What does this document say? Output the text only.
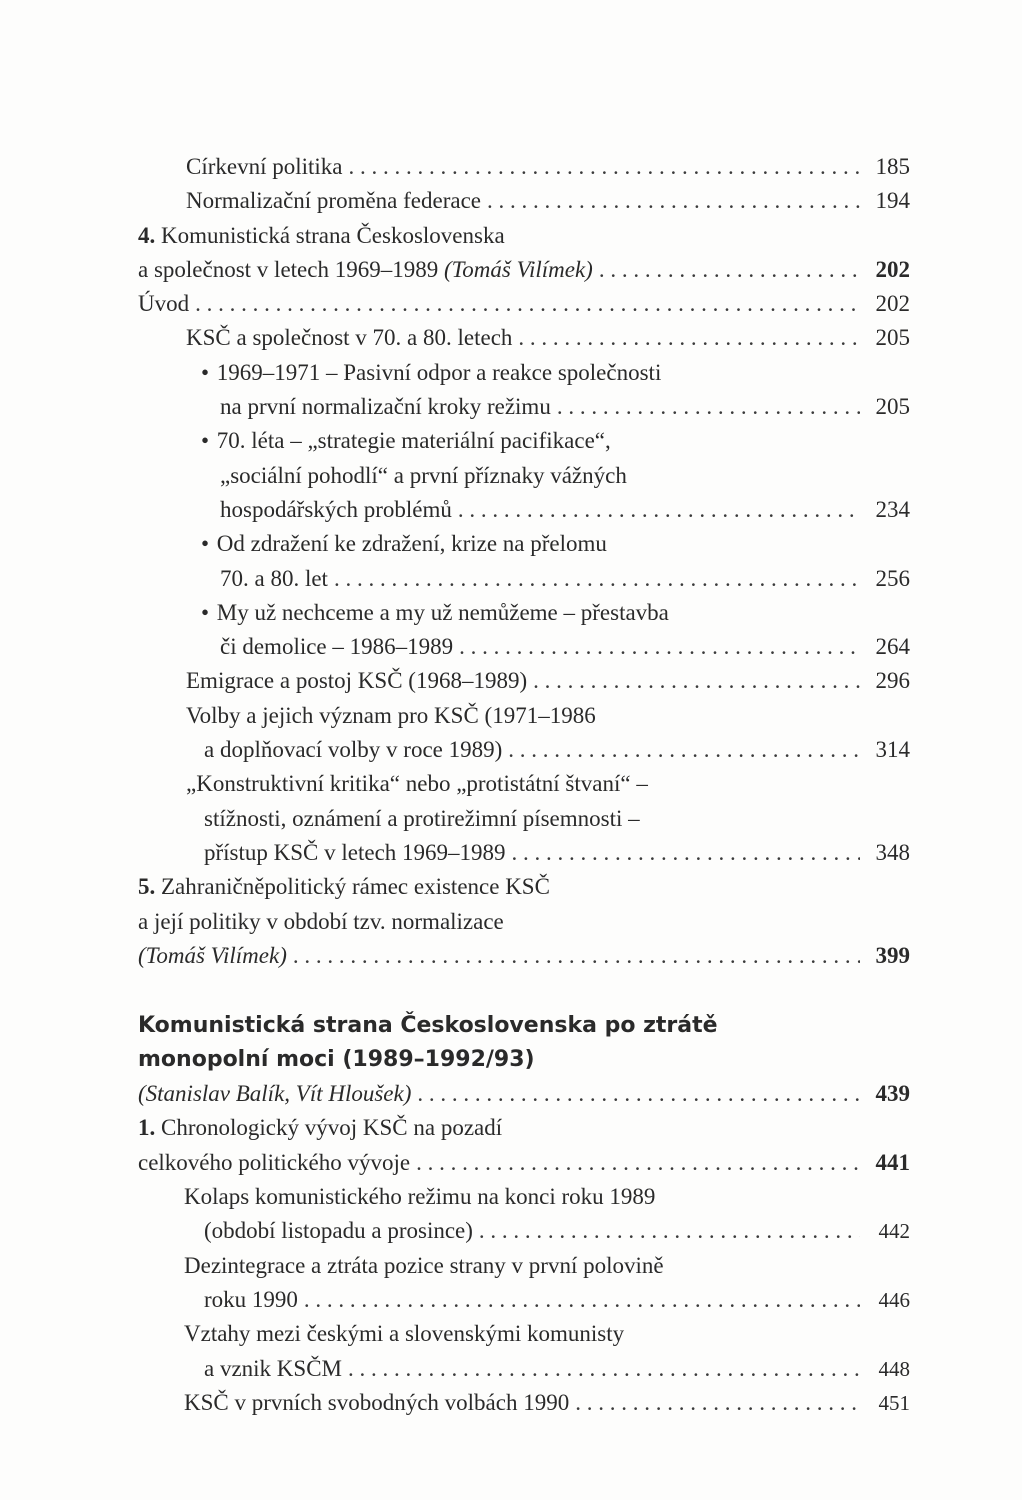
Církevní politika . . .	185
Normalizační proměna federace . . .	194
4. Komunistická strana Československa
a společnost v letech 1969–1989 (Tomáš Vilímek) . . .	202
Úvod . . .	202
KSČ a společnost v 70. a 80. letech . . .	205
• 1969–1971 – Pasivní odpor a reakce společnosti
na první normalizační kroky režimu . . .	205
• 70. léta – „strategie materiální pacifikace“,
„sociální pohodlí“ a první příznaky vážných
hospodářských problémů . . .	234
• Od zdražení ke zdražení, krize na přelomu
70. a 80. let . . .	256
• My už nechceme a my už nemůžeme – přestavba
či demolice – 1986–1989 . . .	264
Emigrace a postoj KSČ (1968–1989) . . .	296
Volby a jejich význam pro KSČ (1971–1986
a doplňovací volby v roce 1989) . . .	314
„Konstruktivní kritika“ nebo „protistátní štvaní“ –
stížnosti, oznámení a protirežimní písemnosti –
přístup KSČ v letech 1969–1989 . . .	348
5. Zahraničněpolitický rámec existence KSČ
a její politiky v období tzv. normalizace
(Tomáš Vilímek) . . .	399
Komunistická strana Československa po ztrátě
monopolní moci (1989–1992/93)
(Stanislav Balík, Vít Hloušek) . . .	439
1. Chronologický vývoj KSČ na pozadí
celkového politického vývoje . . .	441
Kolaps komunistického režimu na konci roku 1989
(období listopadu a prosince) . . .	442
Dezintegrace a ztráta pozice strany v první polovině
roku 1990 . . .	446
Vztahy mezi českými a slovenskými komunisty
a vznik KSČM . . .	448
KSČ v prvních svobodných volbách 1990 . . .	451
